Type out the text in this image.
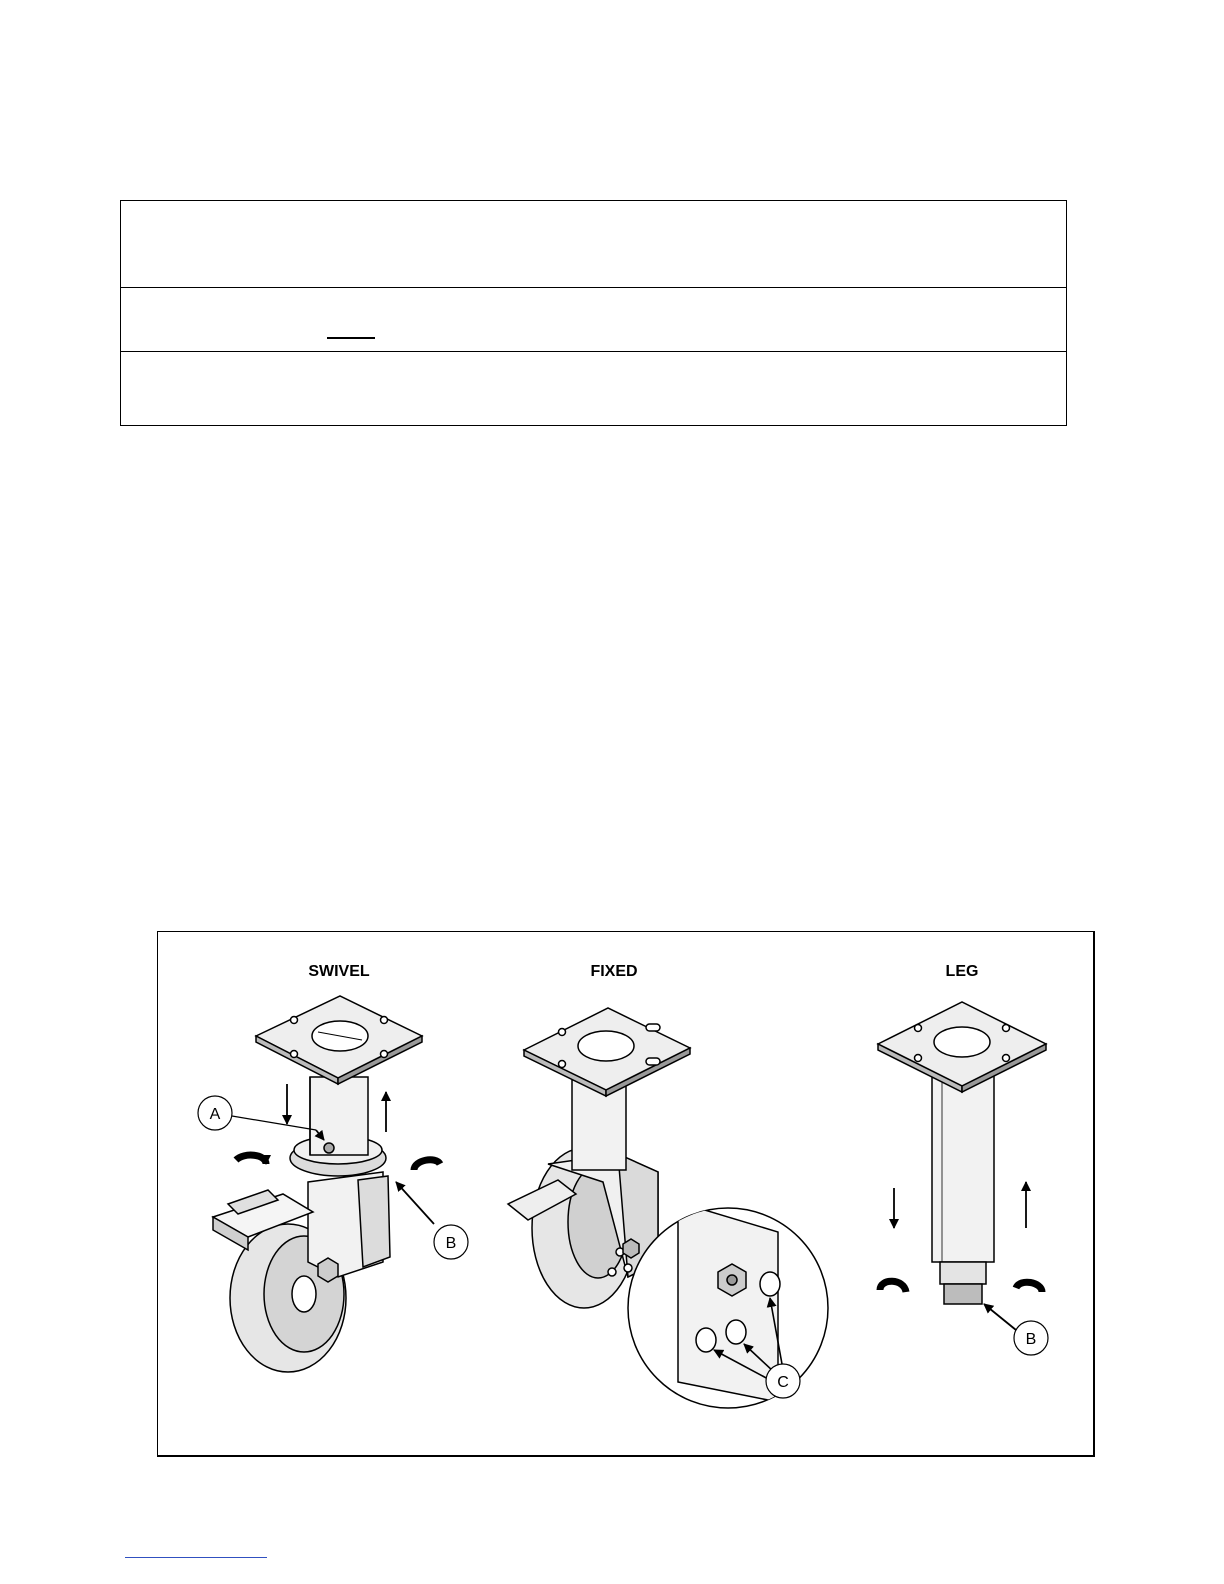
SWIVEL	FIXED	LEG
A
B
C
B
